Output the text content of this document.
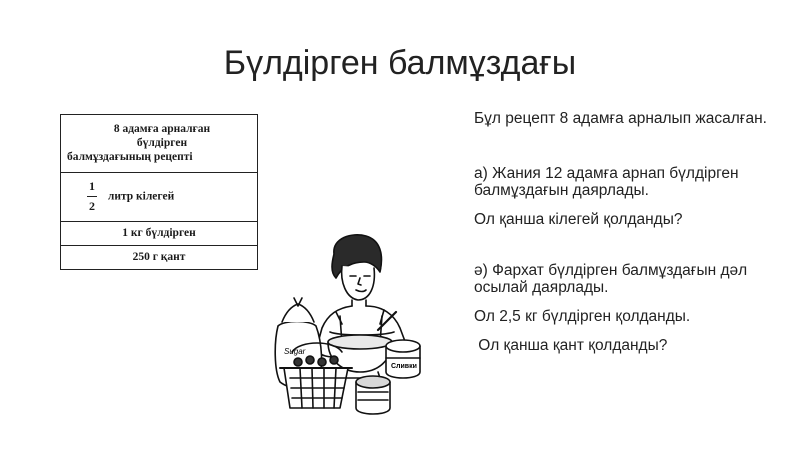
Бүлдірген балмұздағы
8 адамға арналған
бүлдірген
балмұздағының рецепті

$\frac{1}{2}$ литр кілегей
1 кг бүлдірген
250 г қант

Бұл рецепт 8 адамға арналып жасалған.

а) Жания 12 адамға арнап бүлдірген балмұздағын даярлады.

Ол қанша кілегей қолданды?

ә) Фархат бүлдірген балмұздағын дәл осылай даярлады.

Ол 2,5 кг бүлдірген қолданды.

Ол қанша қант қолданды?

Sugar
Сливки
